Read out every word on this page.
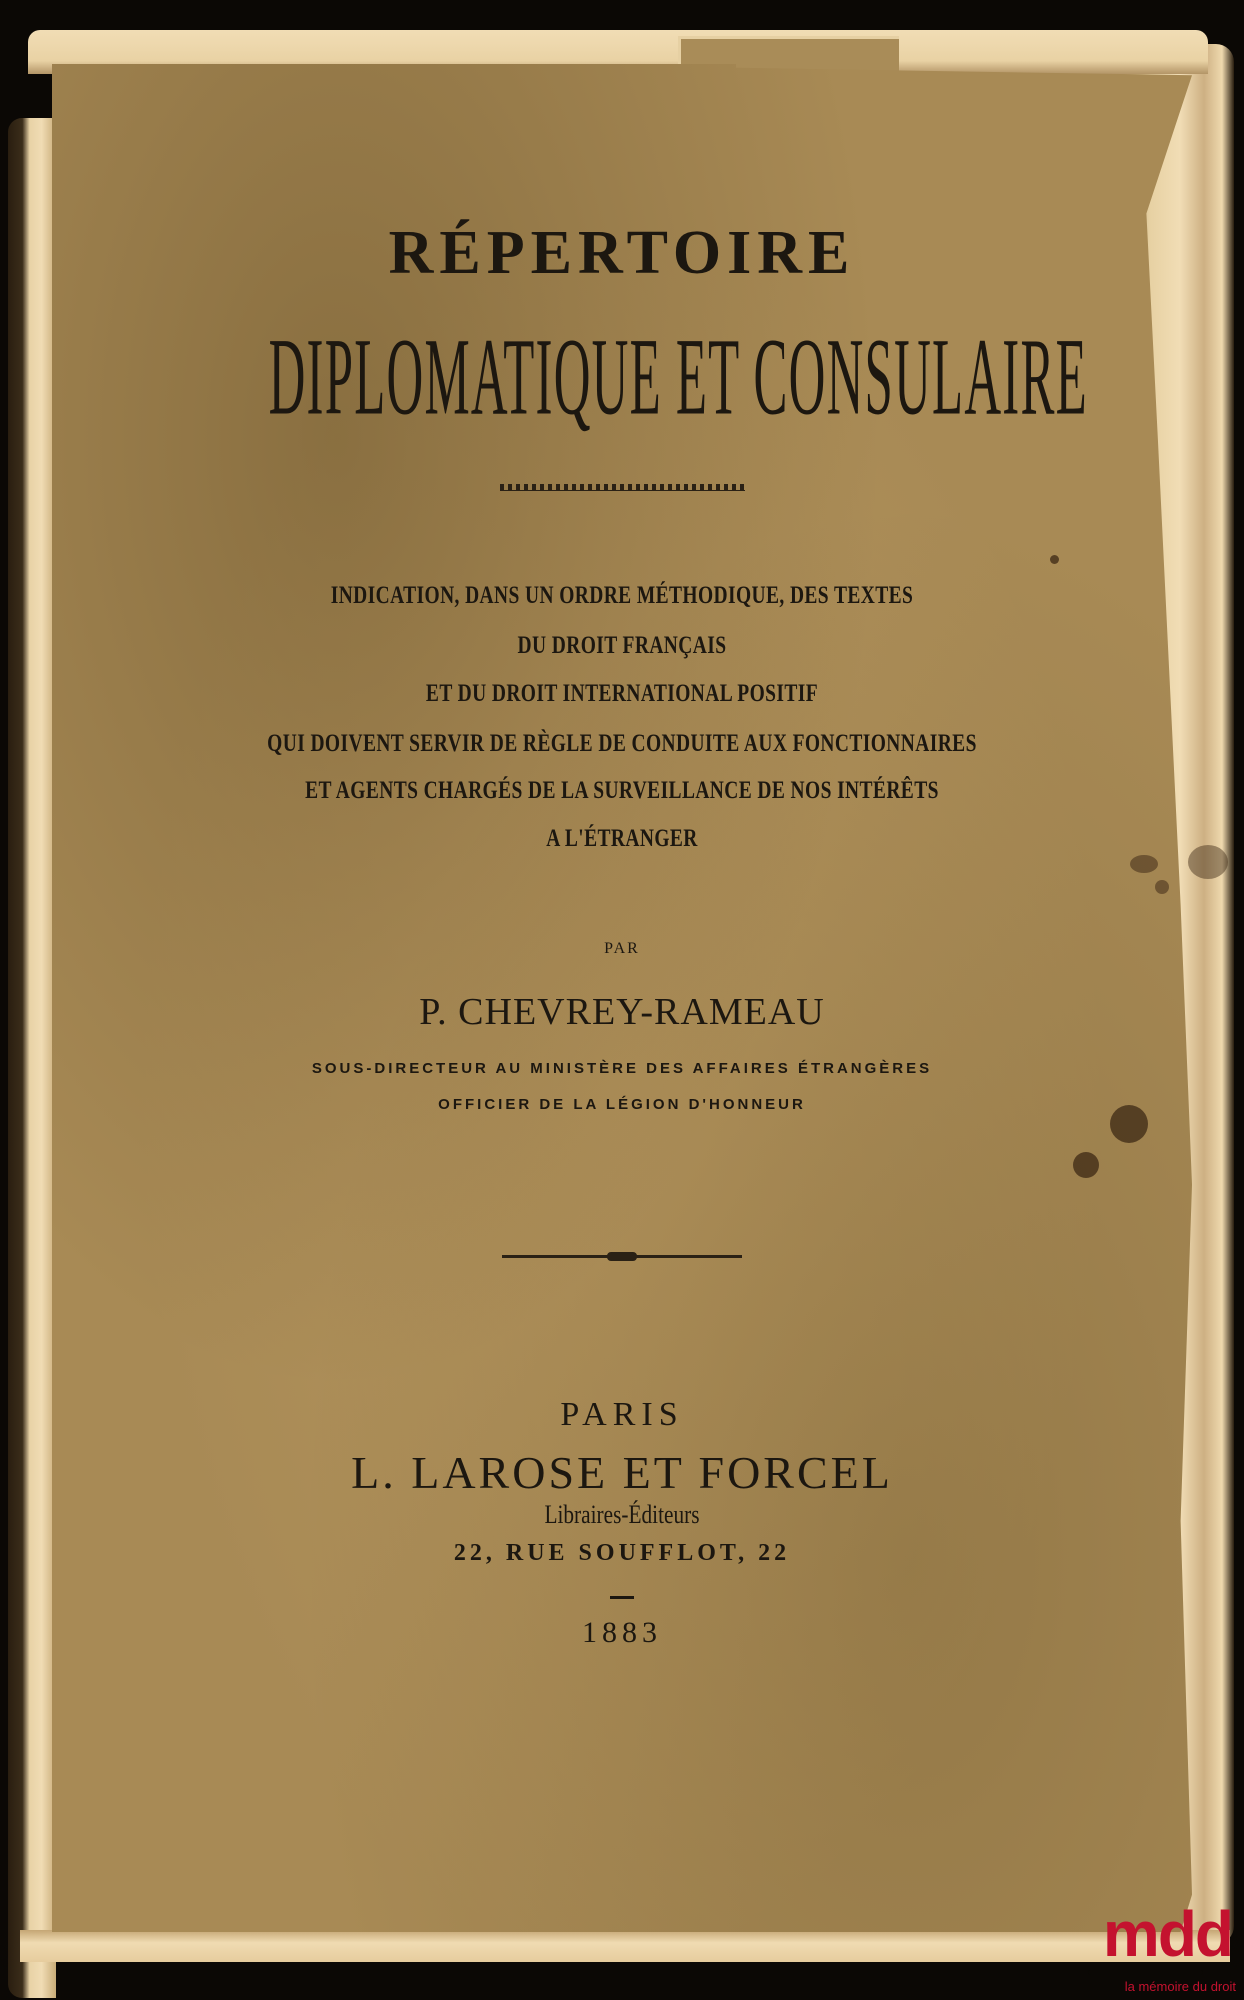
RÉPERTOIRE
DIPLOMATIQUE ET CONSULAIRE
INDICATION, DANS UN ORDRE MÉTHODIQUE, DES TEXTES
DU DROIT FRANÇAIS
ET DU DROIT INTERNATIONAL POSITIF
QUI DOIVENT SERVIR DE RÈGLE DE CONDUITE AUX FONCTIONNAIRES
ET AGENTS CHARGÉS DE LA SURVEILLANCE DE NOS INTÉRÊTS
A L'ÉTRANGER
PAR
P. CHEVREY-RAMEAU
SOUS-DIRECTEUR AU MINISTÈRE DES AFFAIRES ÉTRANGÈRES
OFFICIER DE LA LÉGION D'HONNEUR
PARIS
L. LAROSE ET FORCEL
Libraires-Éditeurs
22, RUE SOUFFLOT, 22
1883
mdd
la mémoire du droit
